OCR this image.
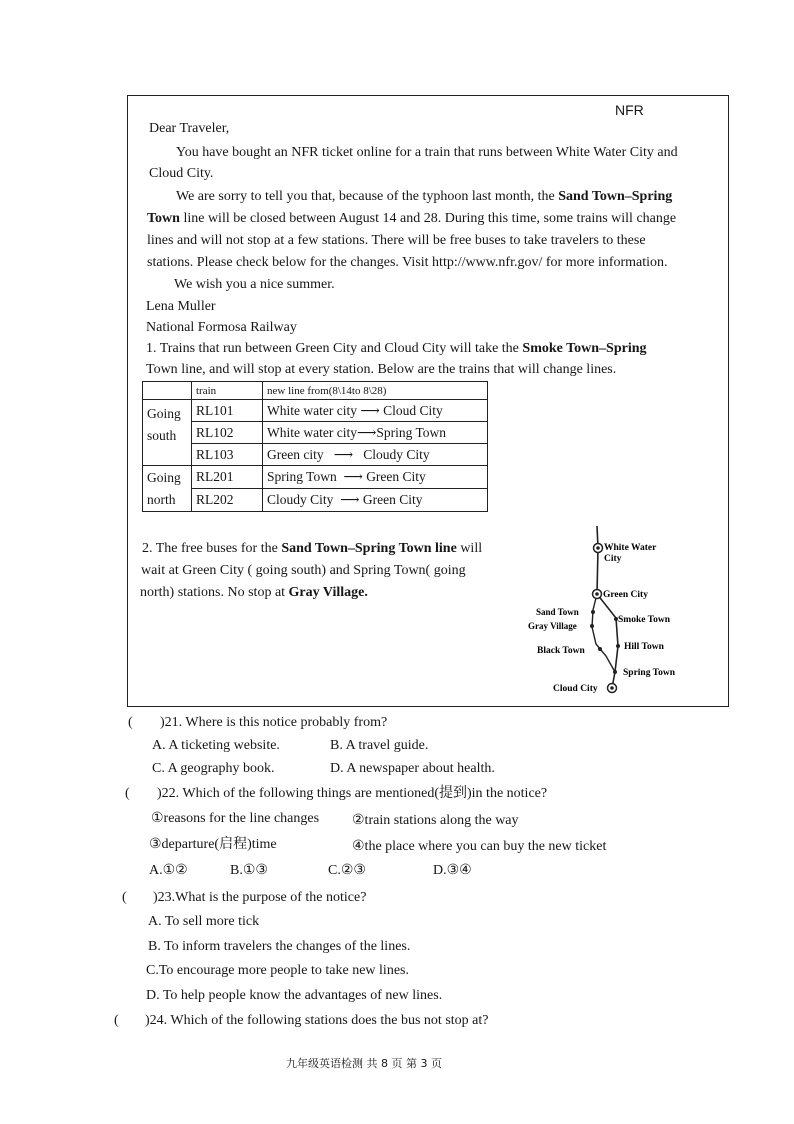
NFR
Dear Traveler,
You have bought an NFR ticket online for a train that runs between White Water City and
Cloud City.
We are sorry to tell you that, because of the typhoon last month, the Sand Town–Spring
Town line will be closed between August 14 and 28. During this time, some trains will change
lines and will not stop at a few stations. There will be free buses to take travelers to these
stations. Please check below for the changes. Visit http://www.nfr.gov/ for more information.
We wish you a nice summer.
Lena Muller
National Formosa Railway
1. Trains that run between Green City and Cloud City will take the Smoke Town–Spring
Town line, and will stop at every station. Below are the trains that will change lines.
	train	new line from(8\14to 8\28)

Going
south	RL101	White water city ⟶ Cloud City
	RL102	White water city⟶Spring Town
	RL103	Green city ⟶ Cloudy City

Going
north	RL201	Spring Town ⟶ Green City
	RL202	Cloudy City ⟶ Green City
2. The free buses for the Sand Town–Spring Town line will
wait at Green City ( going south) and Spring Town( going
north) stations. No stop at Gray Village.
White Water
City
Green City
Sand Town
Gray Village
Smoke Town
Hill Town
Black Town
Spring Town
Cloud City
( )21. Where is this notice probably from?
A. A ticketing website.	B. A travel guide.
C. A geography book.	D. A newspaper about health.
( )22. Which of the following things are mentioned(提到)in the notice?
①reasons for the line changes ②train stations along the way
③departure(启程)time	④the place where you can buy the new ticket
A.①②	B.①③	C.②③	D.③④
( )23.What is the purpose of the notice?
A. To sell more tick
B. To inform travelers the changes of the lines.
C.To encourage more people to take new lines.
D. To help people know the advantages of new lines.
( )24. Which of the following stations does the bus not stop at?
九年级英语检测 共 8 页 第 3 页
